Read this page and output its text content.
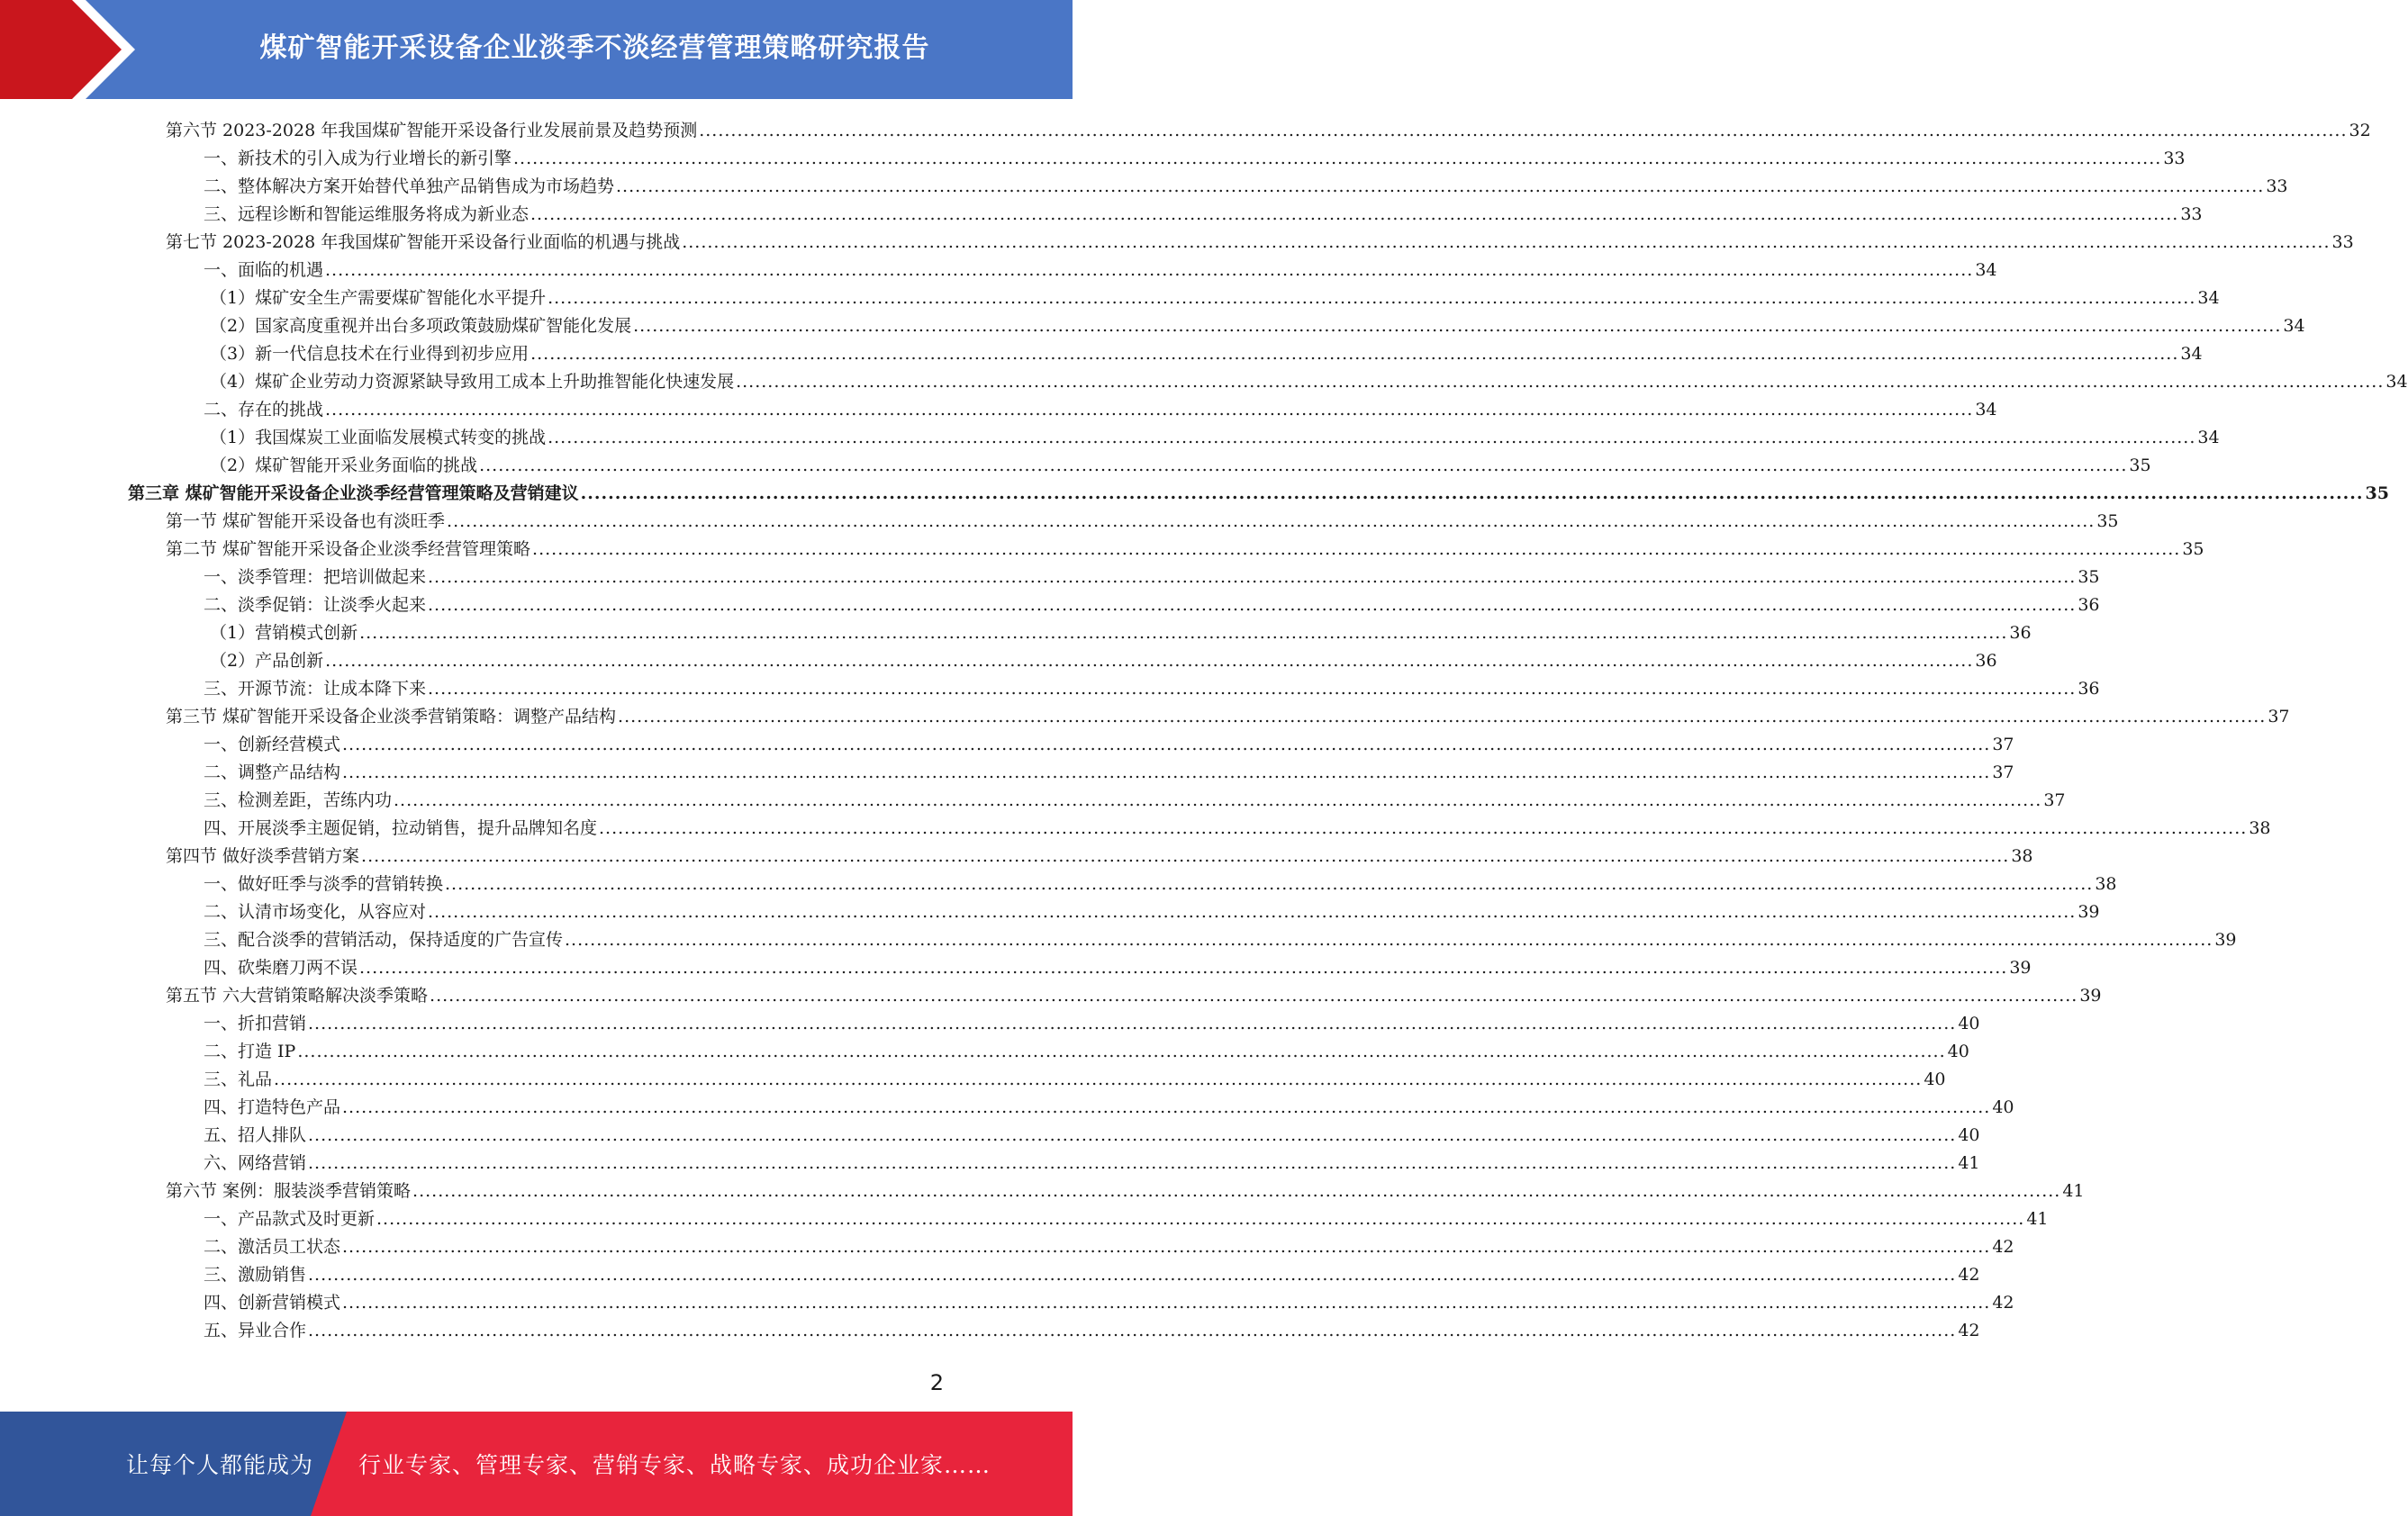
煤矿智能开采设备企业淡季不淡经营管理策略研究报告
第六节 2023-2028 年我国煤矿智能开采设备行业发展前景及趋势预测 .................................................................................................................................................................................................................................................................... 32
一、新技术的引入成为行业增长的新引擎 .................................................................................................................................................................................................................................................................... 33
二、整体解决方案开始替代单独产品销售成为市场趋势 .................................................................................................................................................................................................................................................................... 33
三、远程诊断和智能运维服务将成为新业态 .................................................................................................................................................................................................................................................................... 33
第七节 2023-2028 年我国煤矿智能开采设备行业面临的机遇与挑战 .................................................................................................................................................................................................................................................................... 33
一、面临的机遇 .................................................................................................................................................................................................................................................................... 34
（1）煤矿安全生产需要煤矿智能化水平提升 .................................................................................................................................................................................................................................................................... 34
（2）国家高度重视并出台多项政策鼓励煤矿智能化发展 .................................................................................................................................................................................................................................................................... 34
（3）新一代信息技术在行业得到初步应用 .................................................................................................................................................................................................................................................................... 34
（4）煤矿企业劳动力资源紧缺导致用工成本上升助推智能化快速发展 .................................................................................................................................................................................................................................................................... 34
二、存在的挑战 .................................................................................................................................................................................................................................................................... 34
（1）我国煤炭工业面临发展模式转变的挑战 .................................................................................................................................................................................................................................................................... 34
（2）煤矿智能开采业务面临的挑战 .................................................................................................................................................................................................................................................................... 35
第三章 煤矿智能开采设备企业淡季经营管理策略及营销建议 .................................................................................................................................................................................................................................................................... 35
第一节 煤矿智能开采设备也有淡旺季 .................................................................................................................................................................................................................................................................... 35
第二节 煤矿智能开采设备企业淡季经营管理策略 .................................................................................................................................................................................................................................................................... 35
一、淡季管理：把培训做起来 .................................................................................................................................................................................................................................................................... 35
二、淡季促销：让淡季火起来 .................................................................................................................................................................................................................................................................... 36
（1）营销模式创新 .................................................................................................................................................................................................................................................................... 36
（2）产品创新 .................................................................................................................................................................................................................................................................... 36
三、开源节流：让成本降下来 .................................................................................................................................................................................................................................................................... 36
第三节 煤矿智能开采设备企业淡季营销策略：调整产品结构 .................................................................................................................................................................................................................................................................... 37
一、创新经营模式 .................................................................................................................................................................................................................................................................... 37
二、调整产品结构 .................................................................................................................................................................................................................................................................... 37
三、检测差距，苦练内功 .................................................................................................................................................................................................................................................................... 37
四、开展淡季主题促销，拉动销售，提升品牌知名度 .................................................................................................................................................................................................................................................................... 38
第四节 做好淡季营销方案 .................................................................................................................................................................................................................................................................... 38
一、做好旺季与淡季的营销转换 .................................................................................................................................................................................................................................................................... 38
二、认清市场变化，从容应对 .................................................................................................................................................................................................................................................................... 39
三、配合淡季的营销活动，保持适度的广告宣传 .................................................................................................................................................................................................................................................................... 39
四、砍柴磨刀两不误 .................................................................................................................................................................................................................................................................... 39
第五节 六大营销策略解决淡季策略 .................................................................................................................................................................................................................................................................... 39
一、折扣营销 .................................................................................................................................................................................................................................................................... 40
二、打造 IP .................................................................................................................................................................................................................................................................... 40
三、礼品 .................................................................................................................................................................................................................................................................... 40
四、打造特色产品 .................................................................................................................................................................................................................................................................... 40
五、招人排队 .................................................................................................................................................................................................................................................................... 40
六、网络营销 .................................................................................................................................................................................................................................................................... 41
第六节 案例：服装淡季营销策略 .................................................................................................................................................................................................................................................................... 41
一、产品款式及时更新 .................................................................................................................................................................................................................................................................... 41
二、激活员工状态 .................................................................................................................................................................................................................................................................... 42
三、激励销售 .................................................................................................................................................................................................................................................................... 42
四、创新营销模式 .................................................................................................................................................................................................................................................................... 42
五、异业合作 .................................................................................................................................................................................................................................................................... 42
2
让每个人都能成为 行业专家、管理专家、营销专家、战略专家、成功企业家……
